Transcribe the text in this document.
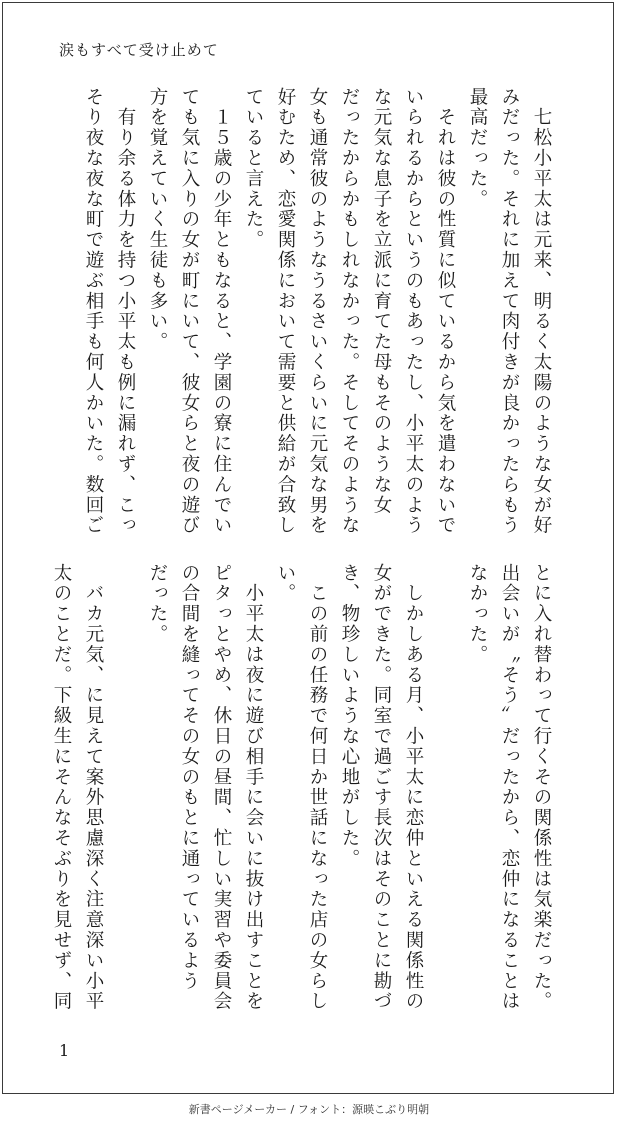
涙もすべて受け止めて

　七松小平太は元来、明るく太陽のような女が好

みだった。それに加えて肉付きが良かったらもう

最高だった。

　それは彼の性質に似ているから気を遣わないで

いられるからというのもあったし、小平太のよう

な元気な息子を立派に育てた母もそのような女

だったからかもしれなかった。そしてそのような

女も通常彼のようなうるさいくらいに元気な男を

好むため、恋愛関係において需要と供給が合致し

ていると言えた。

　１５歳の少年ともなると、学園の寮に住んでい

ても気に入りの女が町にいて、彼女らと夜の遊び

方を覚えていく生徒も多い。

　有り余る体力を持つ小平太も例に漏れず、こっ

そり夜な夜な町で遊ぶ相手も何人かいた。数回ご

とに入れ替わって行くその関係性は気楽だった。

出会いが〝そう〟だったから、恋仲になることは

なかった。

　しかしある月、小平太に恋仲といえる関係性の

女ができた。同室で過ごす長次はそのことに勘づ

き、物珍しいような心地がした。

　この前の任務で何日か世話になった店の女らし

い。

　小平太は夜に遊び相手に会いに抜け出すことを

ピタっとやめ、休日の昼間、忙しい実習や委員会

の合間を縫ってその女のもとに通っているよう

だった。

　バカ元気、に見えて案外思慮深く注意深い小平

太のことだ。下級生にそんなそぶりを見せず、同

1
新書ページメーカー / フォント：源暎こぶり明朝
